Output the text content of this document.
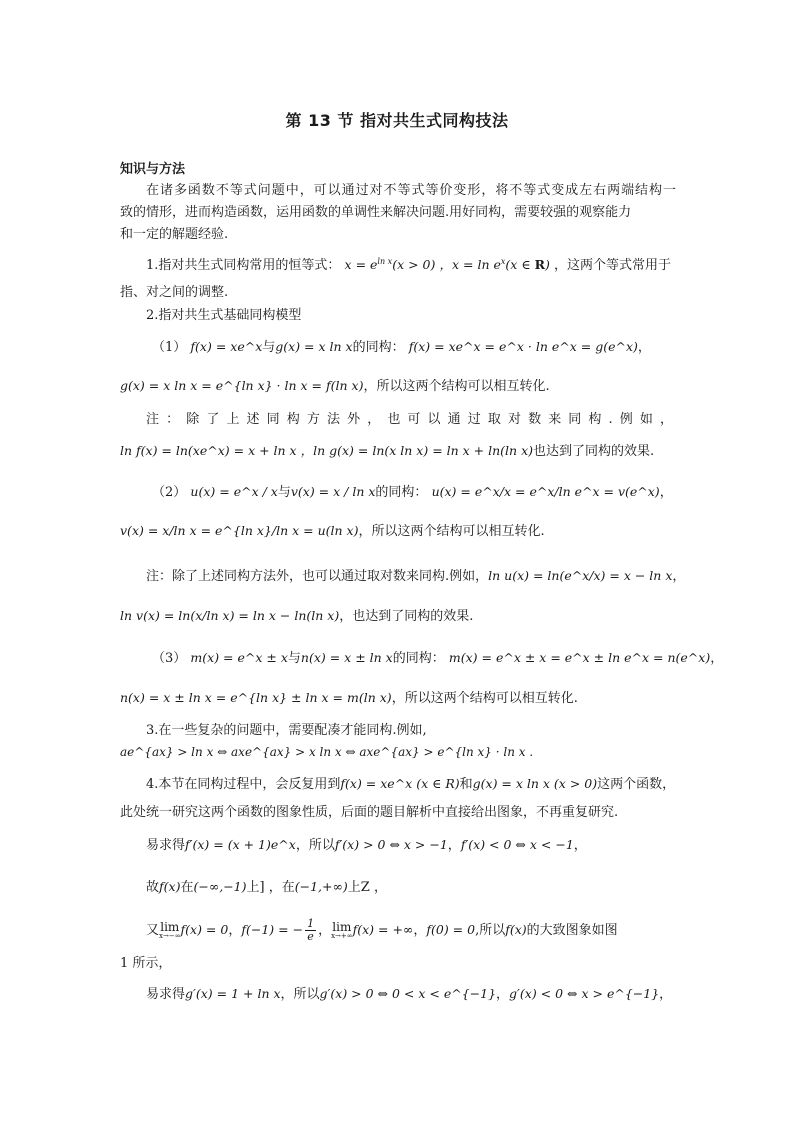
第 13 节 指对共生式同构技法
知识与方法
在诸多函数不等式问题中，可以通过对不等式等价变形，将不等式变成左右两端结构一
致的情形，进而构造函数，运用函数的单调性来解决问题.用好同构，需要较强的观察能力
和一定的解题经验.
1.指对共生式同构常用的恒等式： $x = e^{ln x}(x > 0)$ ，$x = \ln e^x(x$ ∈ R) ，这两个等式常用于
指、对之间的调整.
2.指对共生式基础同构模型
（1） f(x) = xe^x与g(x) = x ln x的同构： f(x) = xe^x = e^x · ln e^x = g(e^x)，
g(x) = x ln x = e^{ln x} · ln x = f(ln x)，所以这两个结构可以相互转化.
注：除了上述同构方法外，也可以通过取对数来同构.例如，
ln f(x) = ln(xe^x) = x + ln x ，ln g(x) = ln(x ln x) = ln x + ln(ln x)也达到了同构的效果.
（2） u(x) = e^x / x与v(x) = x / ln x的同构： u(x) = e^x/x = e^x/ln e^x = v(e^x)，
v(x) = x/ln x = e^{ln x}/ln x = u(ln x)，所以这两个结构可以相互转化.
注：除了上述同构方法外，也可以通过取对数来同构.例如，ln u(x) = ln(e^x/x) = x − ln x，
ln v(x) = ln(x/ln x) = ln x − ln(ln x)，也达到了同构的效果.
（3） m(x) = e^x ± x与n(x) = x ± ln x的同构： m(x) = e^x ± x = e^x ± ln e^x = n(e^x)，
n(x) = x ± ln x = e^{ln x} ± ln x = m(ln x)，所以这两个结构可以相互转化.
3.在一些复杂的问题中，需要配凑才能同构.例如,
ae^{ax} > ln x ⇔ axe^{ax} > x ln x ⇔ axe^{ax} > e^{ln x} · ln x .
4.本节在同构过程中，会反复用到f(x) = xe^x (x ∈ R)和g(x) = x ln x (x > 0)这两个函数，
此处统一研究这两个函数的图象性质，后面的题目解析中直接给出图象，不再重复研究.
易求得f′(x) = (x + 1)e^x，所以f′(x) > 0 ⇔ x > −1，f′(x) < 0 ⇔ x < −1，
故f(x)在(−∞,−1)上] ，在(−1,+∞)上Z ，
又 lim
x→−∞ f(x) = 0，f(−1) = − $\frac{1}{e}$ ， lim
x→+∞ f(x) = +∞，f(0) = 0,所以f(x)的大致图象如图
1 所示，
易求得g′(x) = 1 + ln x，所以g′(x) > 0 ⇔ 0 < x < e^{−1}，g′(x) < 0 ⇔ x > e^{−1}，
